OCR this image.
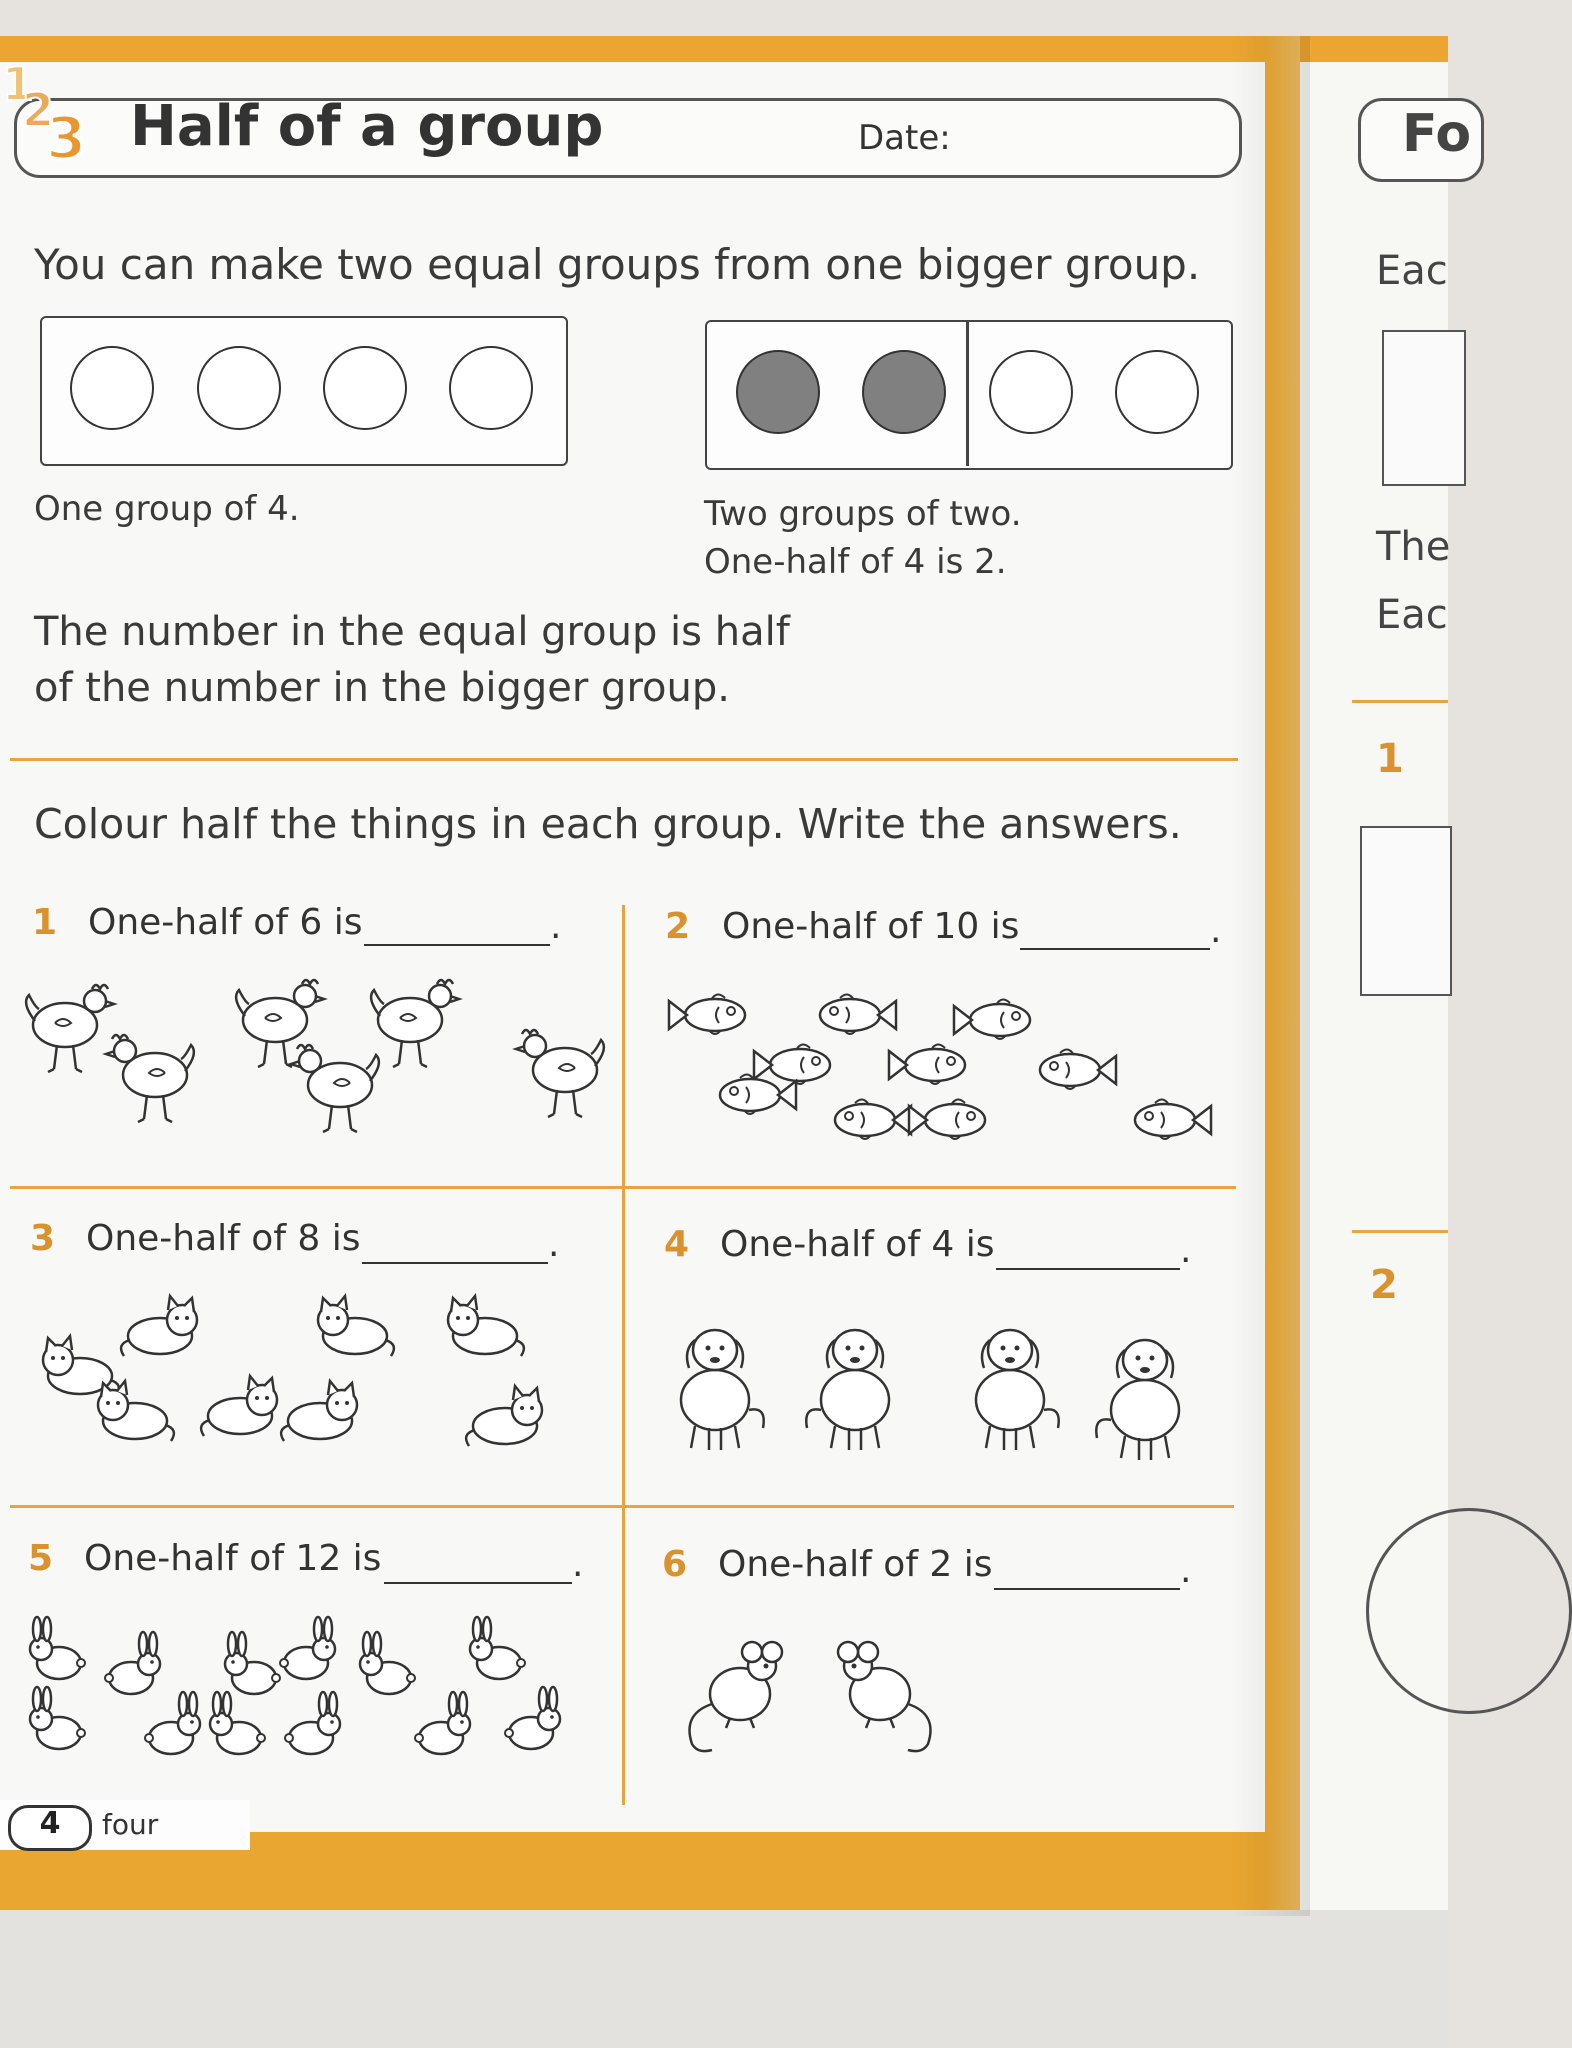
1
2
3 Half of a group	Date:
You can make two equal groups from one bigger group.
One group of 4.	Two groups of two.
One-half of 4 is 2.
The number in the equal group is half
of the number in the bigger group.
Colour half the things in each group. Write the answers.
1 One-half of 6 is	.	2 One-half of 10 is	.
3 One-half of 8 is	.	4 One-half of 4 is	.
5 One-half of 12 is	. 6 One-half of 2 is	.
4	four
Fo
Eac
The
Eac
1
2
